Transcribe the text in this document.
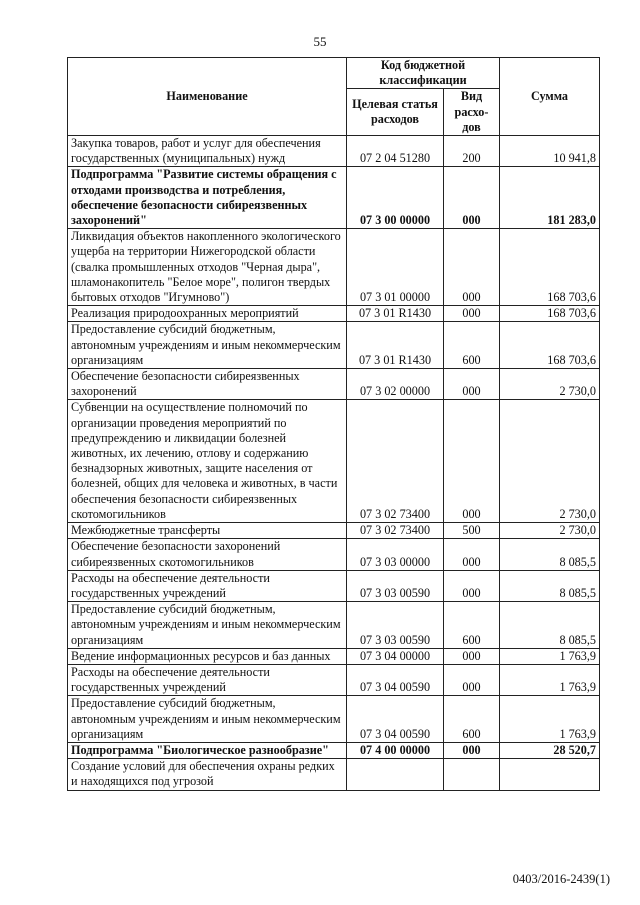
55
Наименование	Код бюджетной классификации		Сумма
	Целевая статья расходов	Вид расхо-дов	
Закупка товаров, работ и услуг для обеспечения государственных (муниципальных) нужд	07 2 04 51280	200	10 941,8
Подпрограмма "Развитие системы обращения с отходами производства и потребления, обеспечение безопасности сибиреязвенных захоронений"	07 3 00 00000	000	181 283,0
Ликвидация объектов накопленного экологического ущерба на территории Нижегородской области (свалка промышленных отходов "Черная дыра", шламонакопитель "Белое море", полигон твердых бытовых отходов "Игумново")	07 3 01 00000	000	168 703,6
Реализация природоохранных мероприятий	07 3 01 R1430	000	168 703,6
Предоставление субсидий бюджетным, автономным учреждениям и иным некоммерческим организациям	07 3 01 R1430	600	168 703,6
Обеспечение безопасности сибиреязвенных захоронений	07 3 02 00000	000	2 730,0
Субвенции на осуществление полномочий по организации проведения мероприятий по предупреждению и ликвидации болезней животных, их лечению, отлову и содержанию безнадзорных животных, защите населения от болезней, общих для человека и животных, в части обеспечения безопасности сибиреязвенных скотомогильников	07 3 02 73400	000	2 730,0
Межбюджетные трансферты	07 3 02 73400	500	2 730,0
Обеспечение безопасности захоронений сибиреязвенных скотомогильников	07 3 03 00000	000	8 085,5
Расходы на обеспечение деятельности государственных учреждений	07 3 03 00590	000	8 085,5
Предоставление субсидий бюджетным, автономным учреждениям и иным некоммерческим организациям	07 3 03 00590	600	8 085,5
Ведение информационных ресурсов и баз данных	07 3 04 00000	000	1 763,9
Расходы на обеспечение деятельности государственных учреждений	07 3 04 00590	000	1 763,9
Предоставление субсидий бюджетным, автономным учреждениям и иным некоммерческим организациям	07 3 04 00590	600	1 763,9
Подпрограмма "Биологическое разнообразие"	07 4 00 00000	000	28 520,7
Создание условий для обеспечения охраны редких и находящихся под угрозой			
0403/2016-2439(1)
